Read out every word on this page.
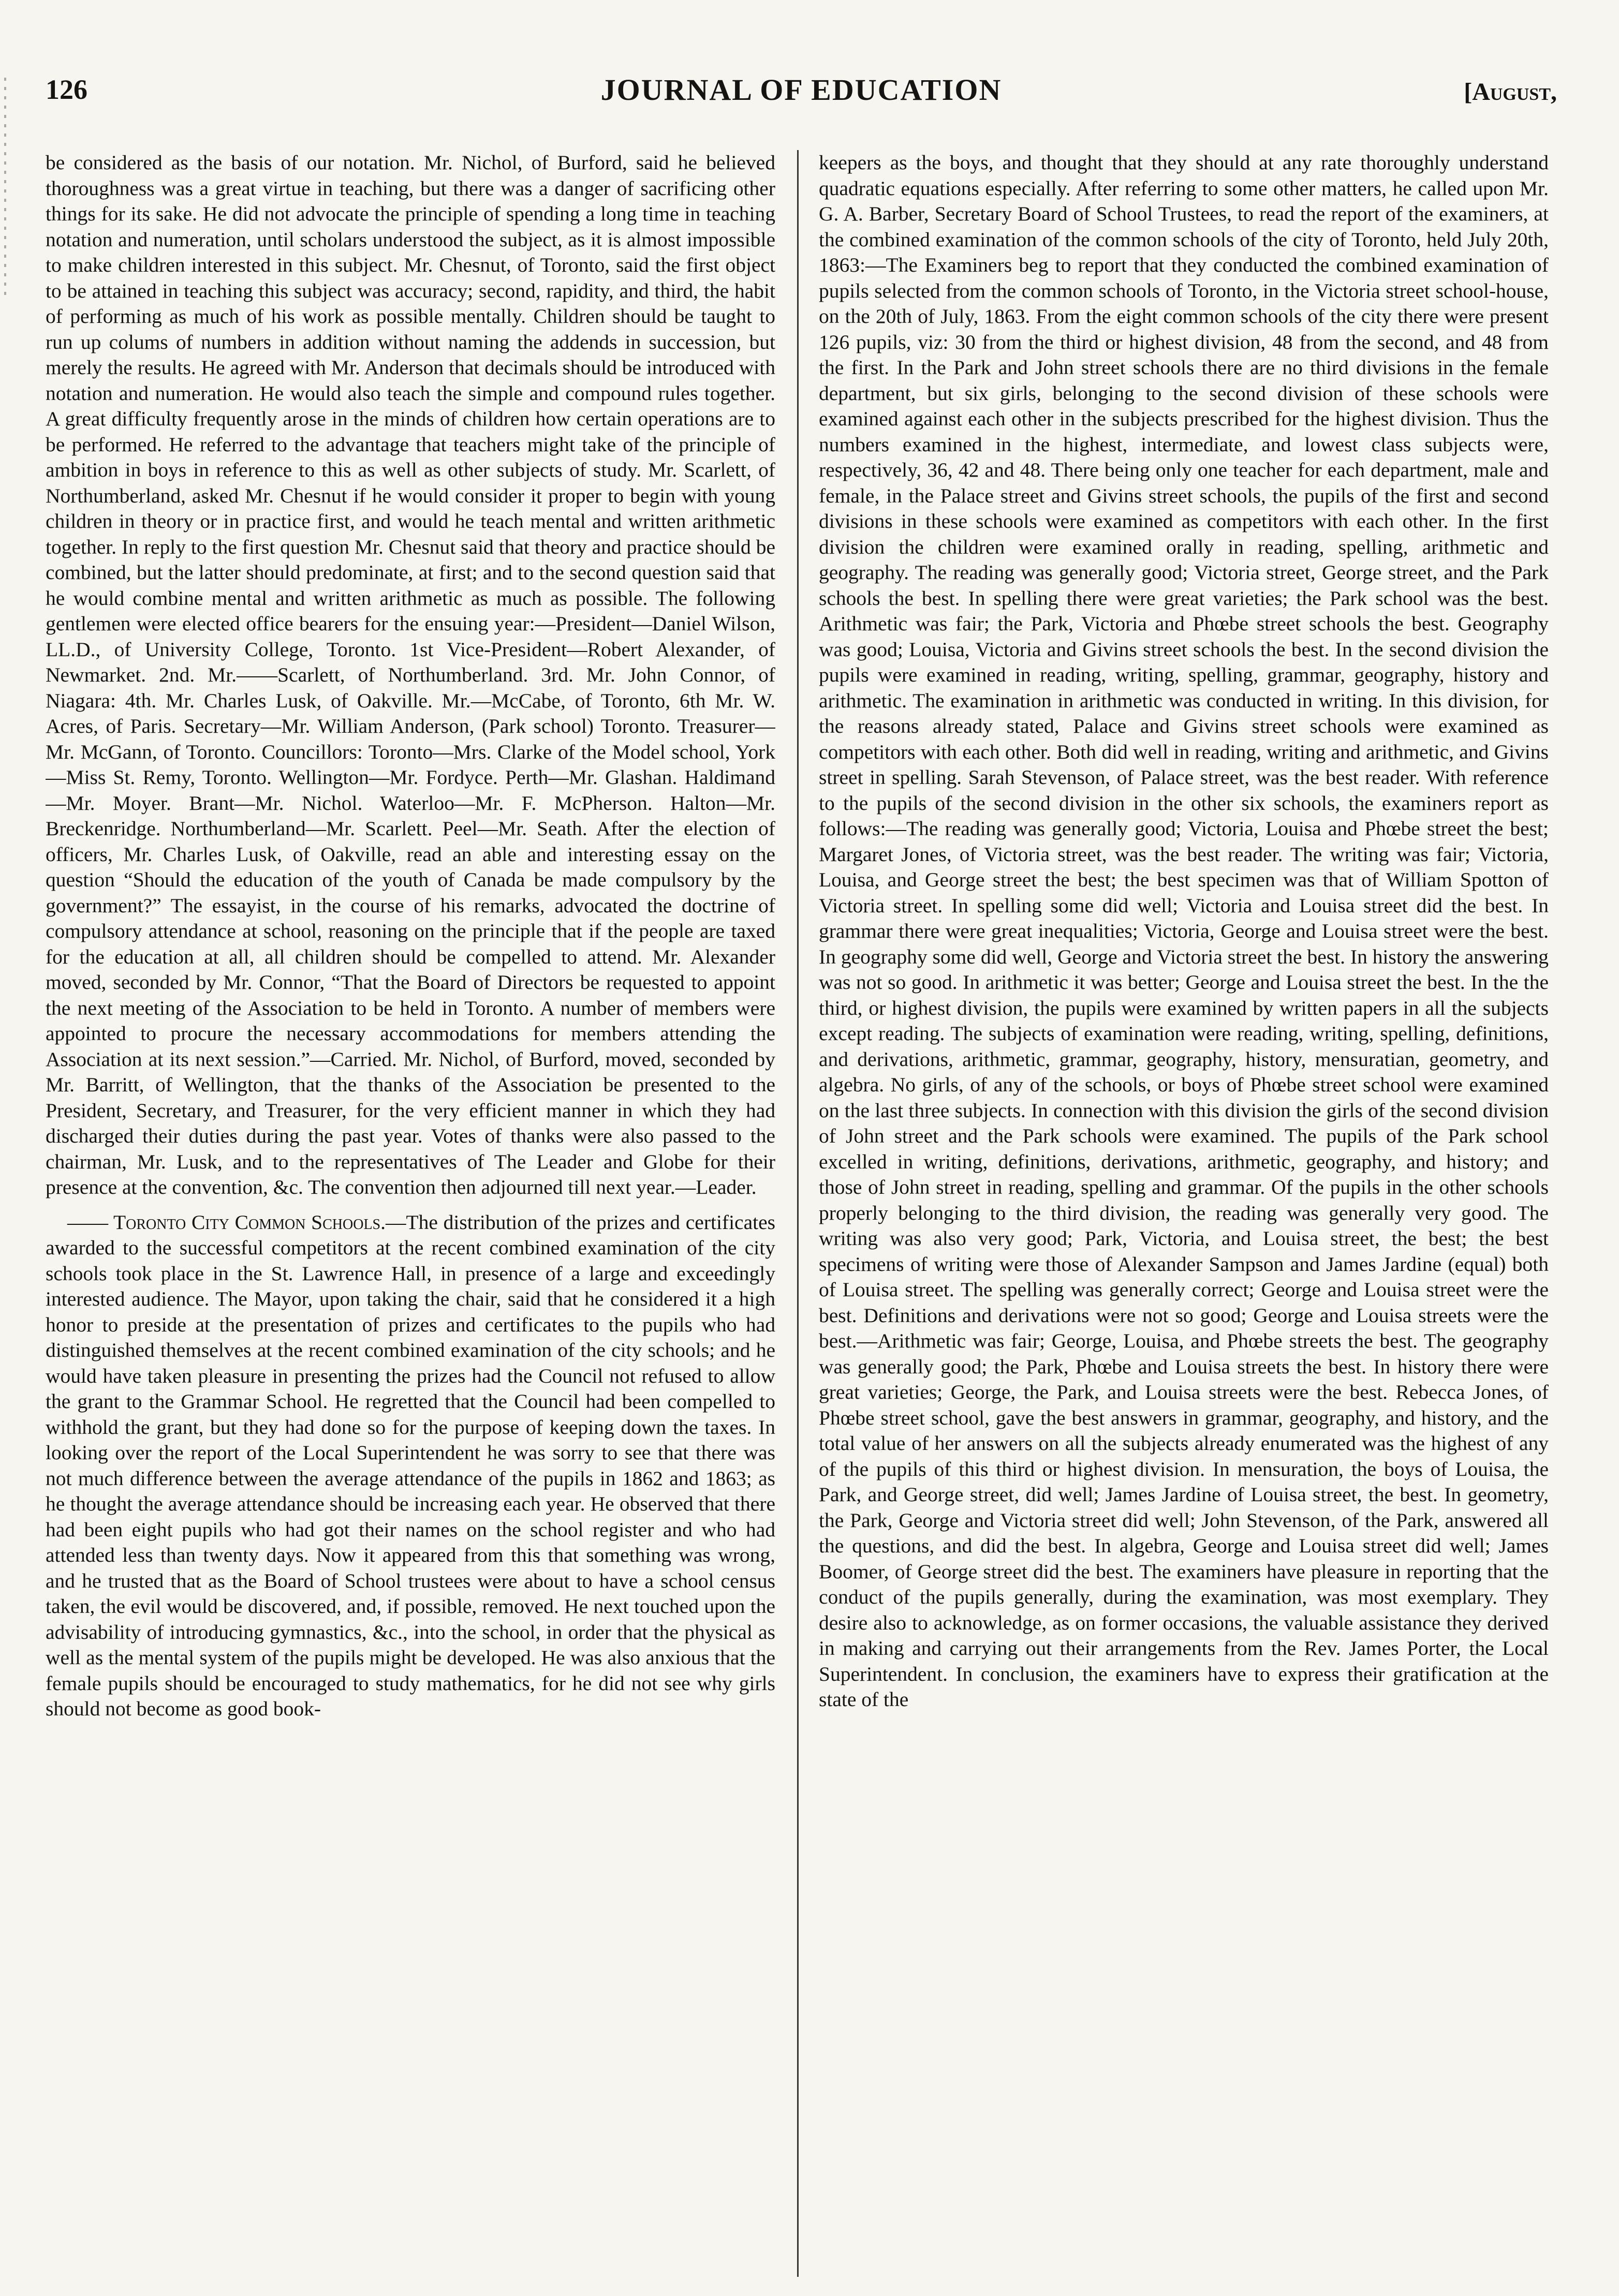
126	JOURNAL OF EDUCATION	[August,

be considered as the basis of our notation. Mr. Nichol, of Burford, said he believed thoroughness was a great virtue in teaching, but there was a danger of sacrificing other things for its sake. He did not advocate the principle of spending a long time in teaching notation and numeration, until scholars understood the subject, as it is almost impossible to make children interested in this subject. Mr. Chesnut, of Toronto, said the first object to be attained in teaching this subject was accuracy; second, rapidity, and third, the habit of performing as much of his work as possible mentally. Children should be taught to run up colums of numbers in addition without naming the addends in succession, but merely the results. He agreed with Mr. Anderson that decimals should be introduced with notation and numeration. He would also teach the simple and compound rules together. A great difficulty frequently arose in the minds of children how certain operations are to be performed. He referred to the advantage that teachers might take of the principle of ambition in boys in reference to this as well as other subjects of study. Mr. Scarlett, of Northumberland, asked Mr. Chesnut if he would consider it proper to begin with young children in theory or in practice first, and would he teach mental and written arithmetic together. In reply to the first question Mr. Chesnut said that theory and practice should be combined, but the latter should predominate, at first; and to the second question said that he would combine mental and written arithmetic as much as possible. The following gentlemen were elected office bearers for the ensuing year:—President—Daniel Wilson, LL.D., of University College, Toronto. 1st Vice-President—Robert Alexander, of Newmarket. 2nd. Mr.——Scarlett, of Northumberland. 3rd. Mr. John Connor, of Niagara: 4th. Mr. Charles Lusk, of Oakville. Mr.—McCabe, of Toronto, 6th Mr. W. Acres, of Paris. Secretary—Mr. William Anderson, (Park school) Toronto. Treasurer—Mr. McGann, of Toronto. Councillors: Toronto—Mrs. Clarke of the Model school, York—Miss St. Remy, Toronto. Wellington—Mr. Fordyce. Perth—Mr. Glashan. Haldimand—Mr. Moyer. Brant—Mr. Nichol. Waterloo—Mr. F. McPherson. Halton—Mr. Breckenridge. Northumberland—Mr. Scarlett. Peel—Mr. Seath. After the election of officers, Mr. Charles Lusk, of Oakville, read an able and interesting essay on the question “Should the education of the youth of Canada be made compulsory by the government?” The essayist, in the course of his remarks, advocated the doctrine of compulsory attendance at school, reasoning on the principle that if the people are taxed for the education at all, all children should be compelled to attend. Mr. Alexander moved, seconded by Mr. Connor, “That the Board of Directors be requested to appoint the next meeting of the Association to be held in Toronto. A number of members were appointed to procure the necessary accommodations for members attending the Association at its next session.”—Carried. Mr. Nichol, of Burford, moved, seconded by Mr. Barritt, of Wellington, that the thanks of the Association be presented to the President, Secretary, and Treasurer, for the very efficient manner in which they had discharged their duties during the past year. Votes of thanks were also passed to the chairman, Mr. Lusk, and to the representatives of The Leader and Globe for their presence at the convention, &c. The convention then adjourned till next year.—Leader.

—— Toronto City Common Schools.—The distribution of the prizes and certificates awarded to the successful competitors at the recent combined examination of the city schools took place in the St. Lawrence Hall, in presence of a large and exceedingly interested audience. The Mayor, upon taking the chair, said that he considered it a high honor to preside at the presentation of prizes and certificates to the pupils who had distinguished themselves at the recent combined examination of the city schools; and he would have taken pleasure in presenting the prizes had the Council not refused to allow the grant to the Grammar School. He regretted that the Council had been compelled to withhold the grant, but they had done so for the purpose of keeping down the taxes. In looking over the report of the Local Superintendent he was sorry to see that there was not much difference between the average attendance of the pupils in 1862 and 1863; as he thought the average attendance should be increasing each year. He observed that there had been eight pupils who had got their names on the school register and who had attended less than twenty days. Now it appeared from this that something was wrong, and he trusted that as the Board of School trustees were about to have a school census taken, the evil would be discovered, and, if possible, removed. He next touched upon the advisability of introducing gymnastics, &c., into the school, in order that the physical as well as the mental system of the pupils might be developed. He was also anxious that the female pupils should be encouraged to study mathematics, for he did not see why girls should not become as good book-

keepers as the boys, and thought that they should at any rate thoroughly understand quadratic equations especially. After referring to some other matters, he called upon Mr. G. A. Barber, Secretary Board of School Trustees, to read the report of the examiners, at the combined examination of the common schools of the city of Toronto, held July 20th, 1863:—The Examiners beg to report that they conducted the combined examination of pupils selected from the common schools of Toronto, in the Victoria street school-house, on the 20th of July, 1863. From the eight common schools of the city there were present 126 pupils, viz: 30 from the third or highest division, 48 from the second, and 48 from the first. In the Park and John street schools there are no third divisions in the female department, but six girls, belonging to the second division of these schools were examined against each other in the subjects prescribed for the highest division. Thus the numbers examined in the highest, intermediate, and lowest class subjects were, respectively, 36, 42 and 48. There being only one teacher for each department, male and female, in the Palace street and Givins street schools, the pupils of the first and second divisions in these schools were examined as competitors with each other. In the first division the children were examined orally in reading, spelling, arithmetic and geography. The reading was generally good; Victoria street, George street, and the Park schools the best. In spelling there were great varieties; the Park school was the best. Arithmetic was fair; the Park, Victoria and Phœbe street schools the best. Geography was good; Louisa, Victoria and Givins street schools the best. In the second division the pupils were examined in reading, writing, spelling, grammar, geography, history and arithmetic. The examination in arithmetic was conducted in writing. In this division, for the reasons already stated, Palace and Givins street schools were examined as competitors with each other. Both did well in reading, writing and arithmetic, and Givins street in spelling. Sarah Stevenson, of Palace street, was the best reader. With reference to the pupils of the second division in the other six schools, the examiners report as follows:—The reading was generally good; Victoria, Louisa and Phœbe street the best; Margaret Jones, of Victoria street, was the best reader. The writing was fair; Victoria, Louisa, and George street the best; the best specimen was that of William Spotton of Victoria street. In spelling some did well; Victoria and Louisa street did the best. In grammar there were great inequalities; Victoria, George and Louisa street were the best. In geography some did well, George and Victoria street the best. In history the answering was not so good. In arithmetic it was better; George and Louisa street the best. In the the third, or highest division, the pupils were examined by written papers in all the subjects except reading. The subjects of examination were reading, writing, spelling, definitions, and derivations, arithmetic, grammar, geography, history, mensuratian, geometry, and algebra. No girls, of any of the schools, or boys of Phœbe street school were examined on the last three subjects. In connection with this division the girls of the second division of John street and the Park schools were examined. The pupils of the Park school excelled in writing, definitions, derivations, arithmetic, geography, and history; and those of John street in reading, spelling and grammar. Of the pupils in the other schools properly belonging to the third division, the reading was generally very good. The writing was also very good; Park, Victoria, and Louisa street, the best; the best specimens of writing were those of Alexander Sampson and James Jardine (equal) both of Louisa street. The spelling was generally correct; George and Louisa street were the best. Definitions and derivations were not so good; George and Louisa streets were the best.—Arithmetic was fair; George, Louisa, and Phœbe streets the best. The geography was generally good; the Park, Phœbe and Louisa streets the best. In history there were great varieties; George, the Park, and Louisa streets were the best. Rebecca Jones, of Phœbe street school, gave the best answers in grammar, geography, and history, and the total value of her answers on all the subjects already enumerated was the highest of any of the pupils of this third or highest division. In mensuration, the boys of Louisa, the Park, and George street, did well; James Jardine of Louisa street, the best. In geometry, the Park, George and Victoria street did well; John Stevenson, of the Park, answered all the questions, and did the best. In algebra, George and Louisa street did well; James Boomer, of George street did the best. The examiners have pleasure in reporting that the conduct of the pupils generally, during the examination, was most exemplary. They desire also to acknowledge, as on former occasions, the valuable assistance they derived in making and carrying out their arrangements from the Rev. James Porter, the Local Superintendent. In conclusion, the examiners have to express their gratification at the state of the
